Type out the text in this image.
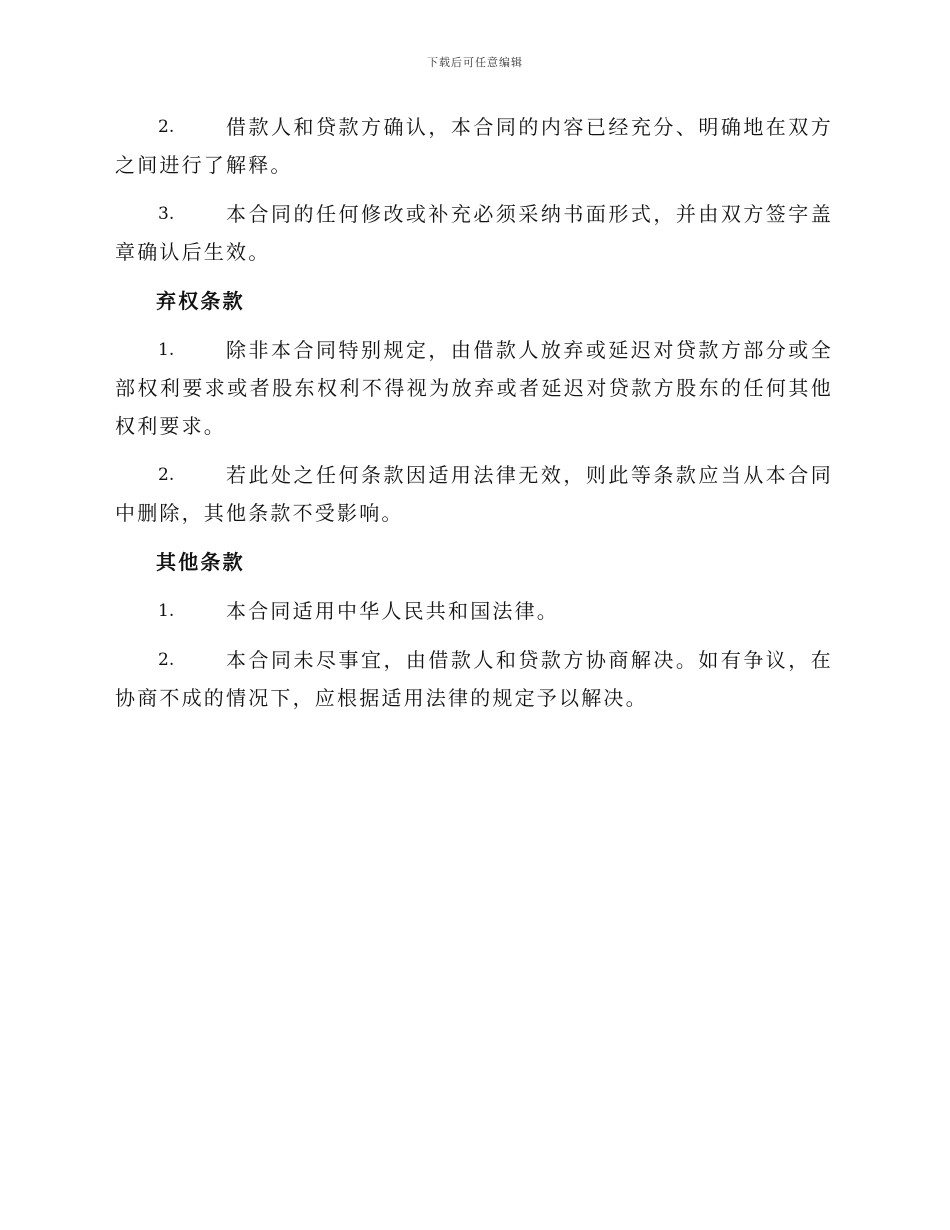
下载后可任意编辑

2.	借款人和贷款方确认，本合同的内容已经充分、明确地在双方之间进行了解释。

3.	本合同的任何修改或补充必须采纳书面形式，并由双方签字盖章确认后生效。

弃权条款

1.	除非本合同特别规定，由借款人放弃或延迟对贷款方部分或全部权利要求或者股东权利不得视为放弃或者延迟对贷款方股东的任何其他权利要求。

2.	若此处之任何条款因适用法律无效，则此等条款应当从本合同中删除，其他条款不受影响。

其他条款

1.	本合同适用中华人民共和国法律。

2.	本合同未尽事宜，由借款人和贷款方协商解决。如有争议，在协商不成的情况下，应根据适用法律的规定予以解决。
